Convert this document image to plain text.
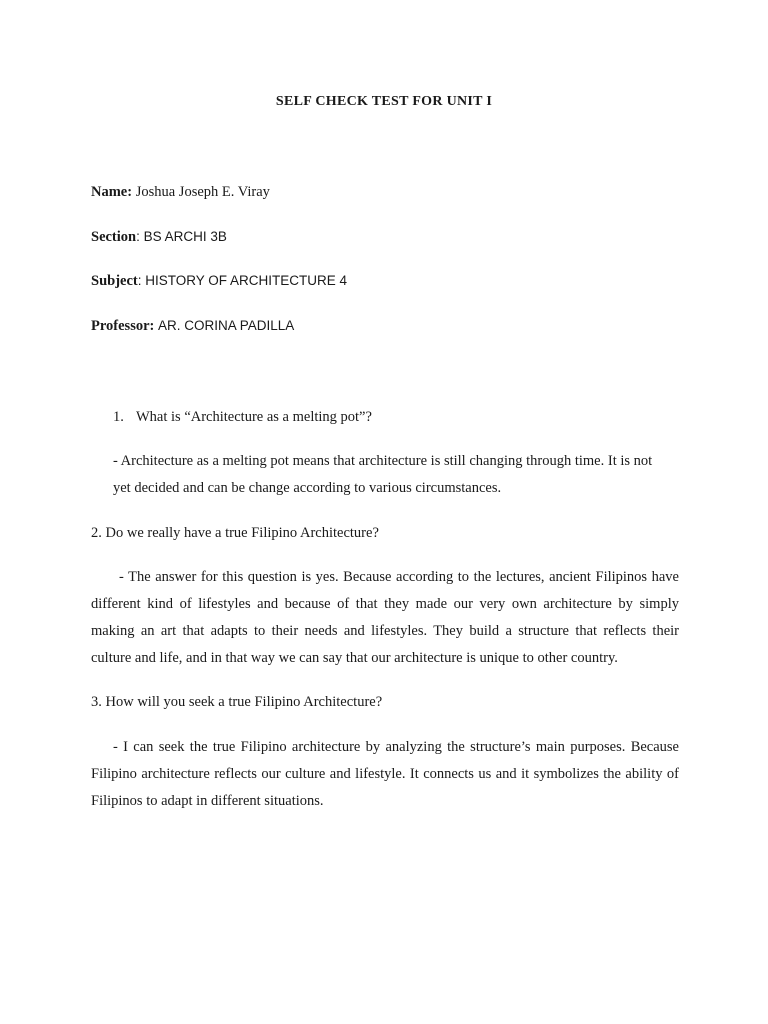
SELF CHECK TEST FOR UNIT I
Name: Joshua Joseph E. Viray
Section: BS ARCHI 3B
Subject: HISTORY OF ARCHITECTURE 4
Professor: AR. CORINA PADILLA
1. What is “Architecture as a melting pot”?
- Architecture as a melting pot means that architecture is still changing through time. It is not
yet decided and can be change according to various circumstances.
2. Do we really have a true Filipino Architecture?
- The answer for this question is yes. Because according to the lectures, ancient Filipinos have different kind of lifestyles and because of that they made our very own architecture by simply making an art that adapts to their needs and lifestyles. They build a structure that reflects their culture and life, and in that way we can say that our architecture is unique to other country.
3. How will you seek a true Filipino Architecture?
- I can seek the true Filipino architecture by analyzing the structure’s main purposes. Because Filipino architecture reflects our culture and lifestyle. It connects us and it symbolizes the ability of Filipinos to adapt in different situations.
